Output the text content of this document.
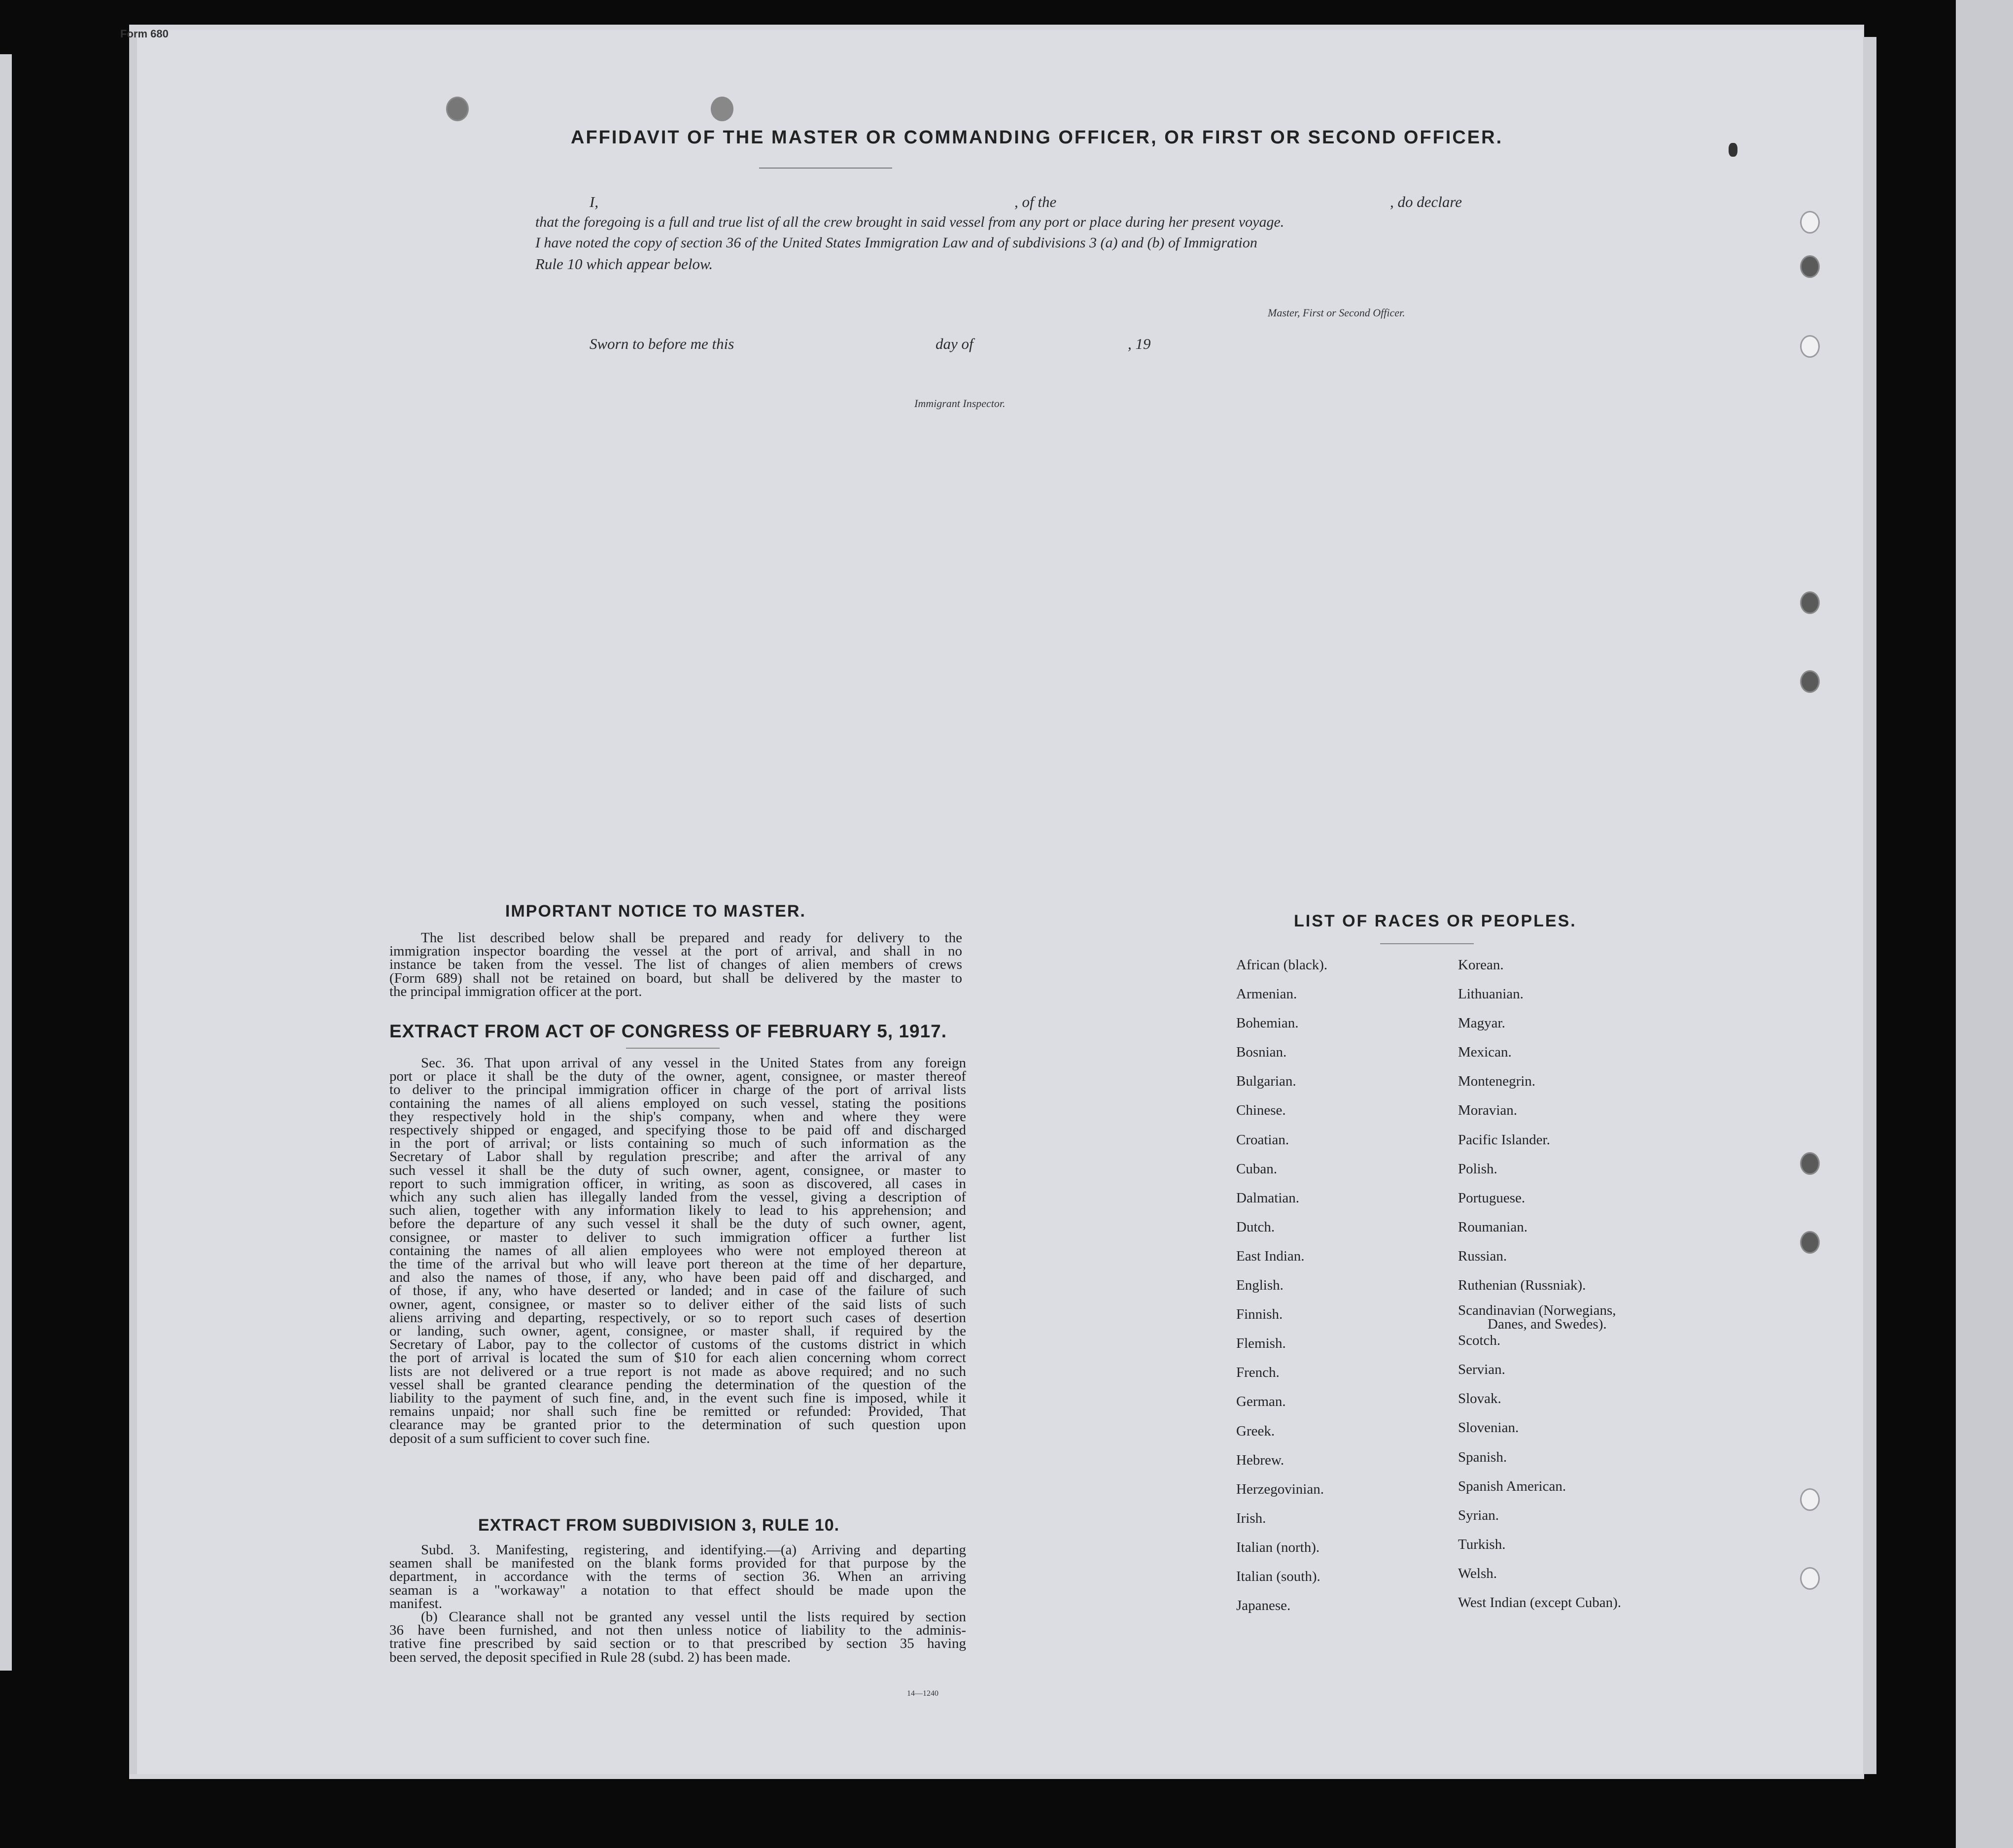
Form 680
AFFIDAVIT OF THE MASTER OR COMMANDING OFFICER, OR FIRST OR SECOND OFFICER.
I,	, of the	, do declare
that the foregoing is a full and true list of all the crew brought in said vessel from any port or place during her present voyage.
I have noted the copy of section 36 of the United States Immigration Law and of subdivisions 3 (a) and (b) of Immigration
Rule 10 which appear below.
Master, First or Second Officer.
Sworn to before me this	day of	, 19
Immigrant Inspector.
IMPORTANT NOTICE TO MASTER.
The list described below shall be prepared and ready for delivery to the
immigration inspector boarding the vessel at the port of arrival, and shall in no
instance be taken from the vessel. The list of changes of alien members of crews
(Form 689) shall not be retained on board, but shall be delivered by the master to
the principal immigration officer at the port.
EXTRACT FROM ACT OF CONGRESS OF FEBRUARY 5, 1917.
Sec. 36. That upon arrival of any vessel in the United States from any foreign
port or place it shall be the duty of the owner, agent, consignee, or master thereof
to deliver to the principal immigration officer in charge of the port of arrival lists
containing the names of all aliens employed on such vessel, stating the positions
they respectively hold in the ship's company, when and where they were
respectively shipped or engaged, and specifying those to be paid off and discharged
in the port of arrival; or lists containing so much of such information as the
Secretary of Labor shall by regulation prescribe; and after the arrival of any
such vessel it shall be the duty of such owner, agent, consignee, or master to
report to such immigration officer, in writing, as soon as discovered, all cases in
which any such alien has illegally landed from the vessel, giving a description of
such alien, together with any information likely to lead to his apprehension; and
before the departure of any such vessel it shall be the duty of such owner, agent,
consignee, or master to deliver to such immigration officer a further list
containing the names of all alien employees who were not employed thereon at
the time of the arrival but who will leave port thereon at the time of her departure,
and also the names of those, if any, who have been paid off and discharged, and
of those, if any, who have deserted or landed; and in case of the failure of such
owner, agent, consignee, or master so to deliver either of the said lists of such
aliens arriving and departing, respectively, or so to report such cases of desertion
or landing, such owner, agent, consignee, or master shall, if required by the
Secretary of Labor, pay to the collector of customs of the customs district in which
the port of arrival is located the sum of $10 for each alien concerning whom correct
lists are not delivered or a true report is not made as above required; and no such
vessel shall be granted clearance pending the determination of the question of the
liability to the payment of such fine, and, in the event such fine is imposed, while it
remains unpaid; nor shall such fine be remitted or refunded: Provided, That
clearance may be granted prior to the determination of such question upon
deposit of a sum sufficient to cover such fine.
EXTRACT FROM SUBDIVISION 3, RULE 10.
Subd. 3. Manifesting, registering, and identifying.—(a) Arriving and departing
seamen shall be manifested on the blank forms provided for that purpose by the
department, in accordance with the terms of section 36. When an arriving
seaman is a "workaway" a notation to that effect should be made upon the
manifest.
(b) Clearance shall not be granted any vessel until the lists required by section
36 have been furnished, and not then unless notice of liability to the adminis-
trative fine prescribed by said section or to that prescribed by section 35 having
been served, the deposit specified in Rule 28 (subd. 2) has been made.
14—1240
LIST OF RACES OR PEOPLES.
African (black).
Armenian.
Bohemian.
Bosnian.
Bulgarian.
Chinese.
Croatian.
Cuban.
Dalmatian.
Dutch.
East Indian.
English.
Finnish.
Flemish.
French.
German.
Greek.
Hebrew.
Herzegovinian.
Irish.
Italian (north).
Italian (south).
Japanese.
Korean.
Lithuanian.
Magyar.
Mexican.
Montenegrin.
Moravian.
Pacific Islander.
Polish.
Portuguese.
Roumanian.
Russian.
Ruthenian (Russniak).
Scandinavian (Norwegians,
Danes, and Swedes).
Scotch.
Servian.
Slovak.
Slovenian.
Spanish.
Spanish American.
Syrian.
Turkish.
Welsh.
West Indian (except Cuban).
